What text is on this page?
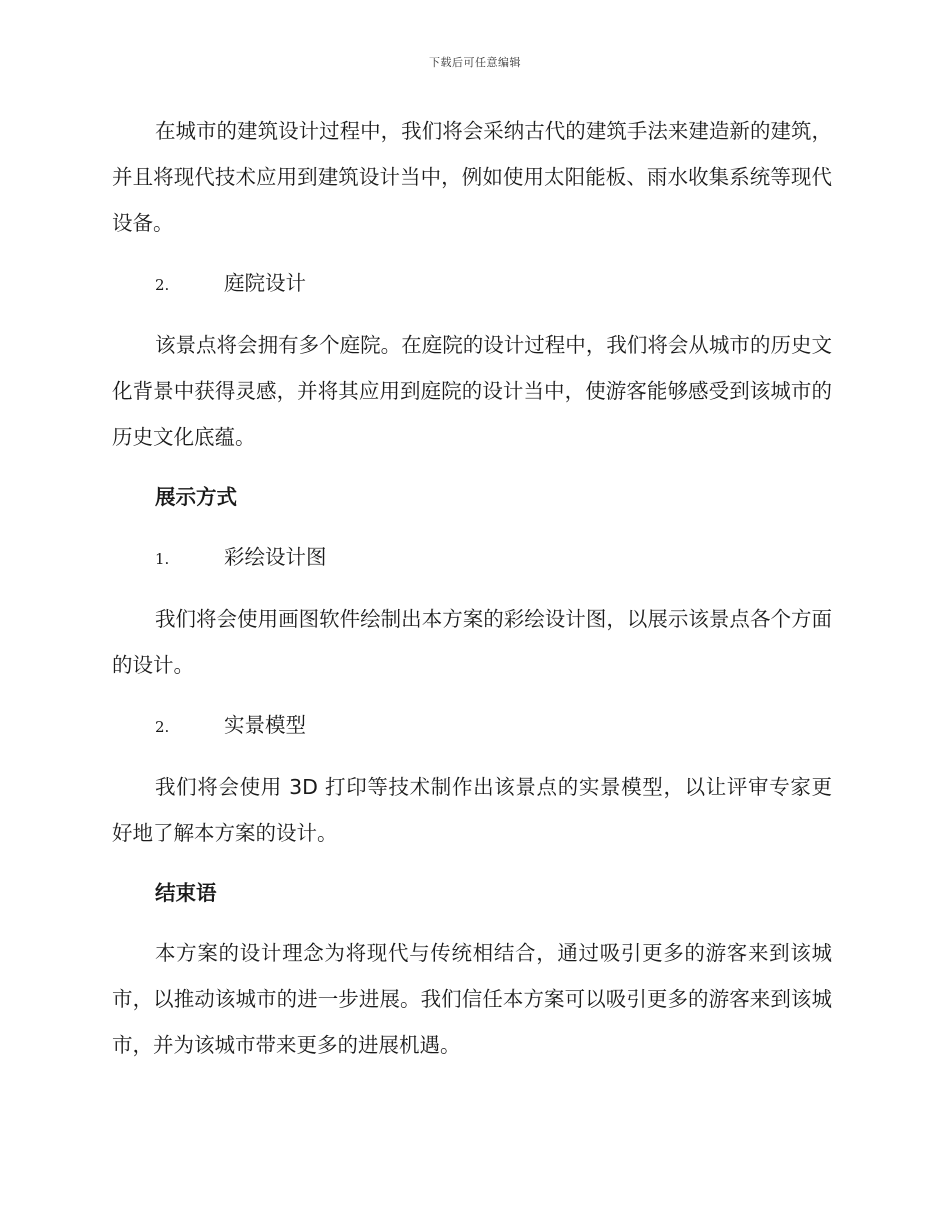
下载后可任意编辑

在城市的建筑设计过程中，我们将会采纳古代的建筑手法来建造新的建筑，并且将现代技术应用到建筑设计当中，例如使用太阳能板、雨水收集系统等现代设备。

2.	庭院设计

该景点将会拥有多个庭院。在庭院的设计过程中，我们将会从城市的历史文化背景中获得灵感，并将其应用到庭院的设计当中，使游客能够感受到该城市的历史文化底蕴。

展示方式

1.	彩绘设计图

我们将会使用画图软件绘制出本方案的彩绘设计图，以展示该景点各个方面的设计。

2.	实景模型

我们将会使用 3D 打印等技术制作出该景点的实景模型，以让评审专家更好地了解本方案的设计。

结束语

本方案的设计理念为将现代与传统相结合，通过吸引更多的游客来到该城市，以推动该城市的进一步进展。我们信任本方案可以吸引更多的游客来到该城市，并为该城市带来更多的进展机遇。
